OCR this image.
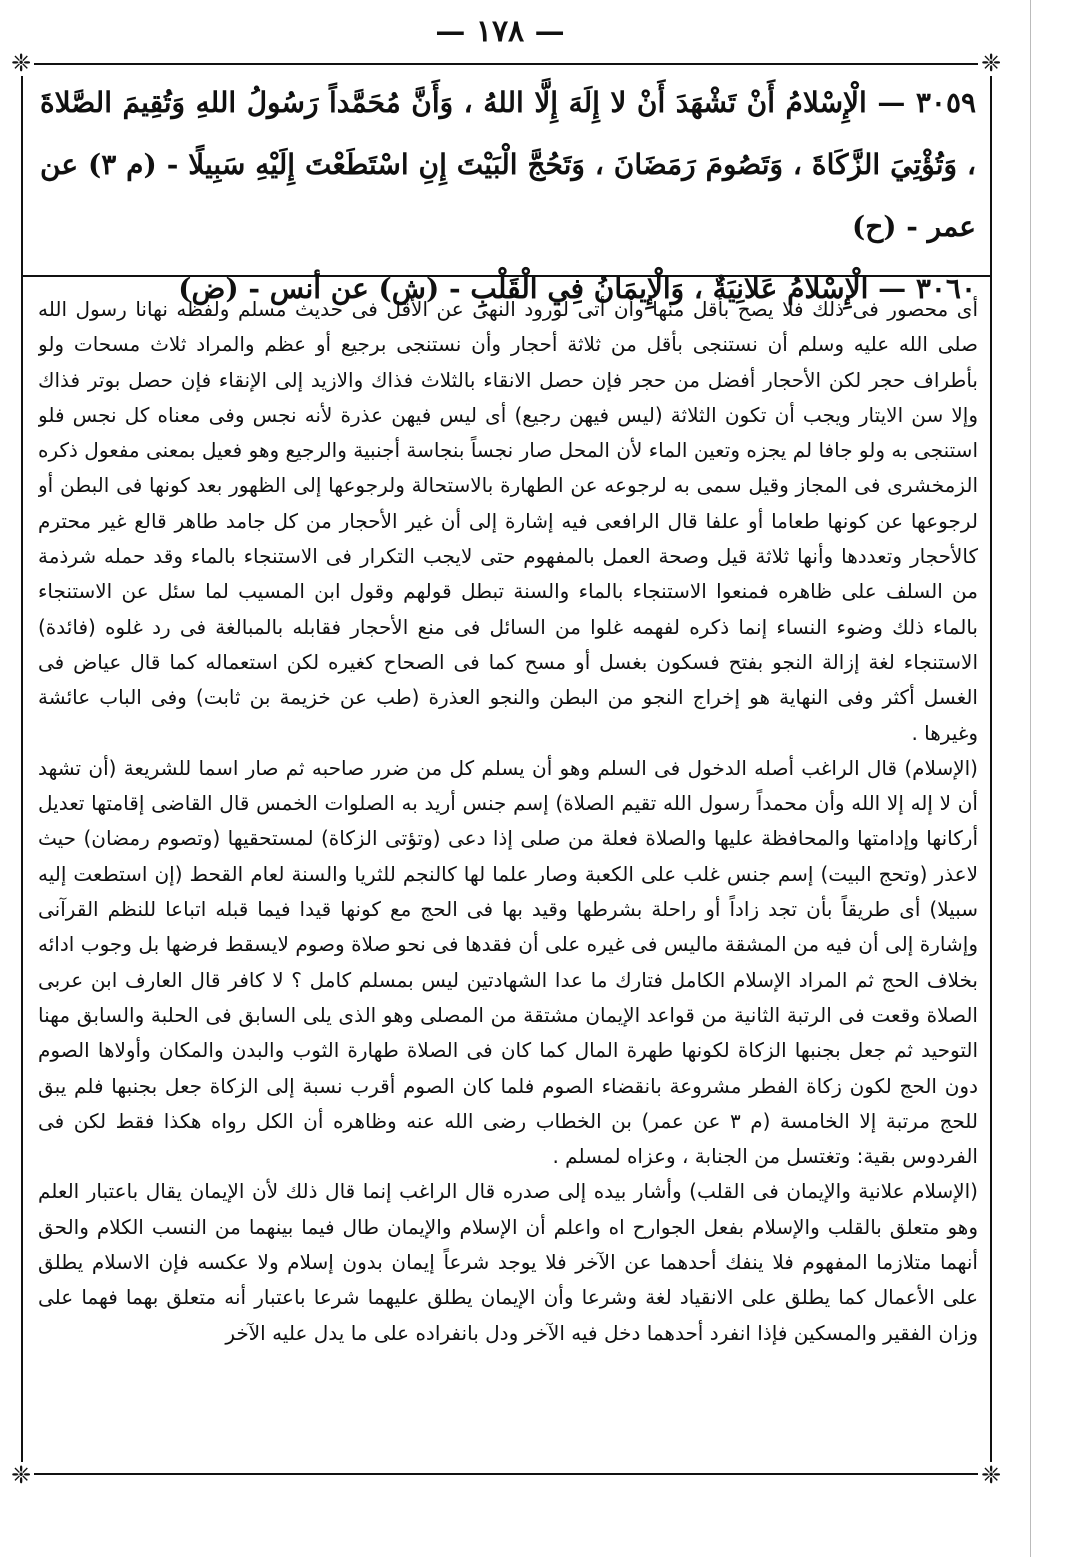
— ١٧٨ —
❈	❈
❈	❈
٣٠٥٩ — الْإِسْلامُ أَنْ تَشْهَدَ أَنْ لا إِلَهَ إِلَّا اللهُ ، وَأَنَّ مُحَمَّداً رَسُولُ اللهِ وَتُقِيمَ الصَّلاةَ ، وَتُؤْتِيَ الزَّكَاةَ ، وَتَصُومَ رَمَضَانَ ، وَتَحُجَّ الْبَيْتَ إِنِ اسْتَطَعْتَ إِلَيْهِ سَبِيلًا - (م ٣) عن عمر - (ح)
٣٠٦٠ — الْإِسْلامُ عَلانِيَةٌ ، وَالْإِيمَانُ فِي الْقَلْبِ - (ش) عن أنس - (ض)

أى محصور فى ذلك فلا يصح بأقل منها وأن أتى لورود النهى عن الأقل فى حديث مسلم ولفظه نهانا رسول الله صلى الله عليه وسلم أن نستنجى بأقل من ثلاثة أحجار وأن نستنجى برجيع أو عظم والمراد ثلاث مسحات ولو بأطراف حجر لكن الأحجار أفضل من حجر فإن حصل الانقاء بالثلاث فذاك والازيد إلى الإنقاء فإن حصل بوتر فذاك وإلا سن الايتار ويجب أن تكون الثلاثة (ليس فيهن رجيع) أى ليس فيهن عذرة لأنه نجس وفى معناه كل نجس فلو استنجى به ولو جافا لم يجزه وتعين الماء لأن المحل صار نجساً بنجاسة أجنبية والرجيع وهو فعيل بمعنى مفعول ذكره الزمخشرى فى المجاز وقيل سمى به لرجوعه عن الطهارة بالاستحالة ولرجوعها إلى الظهور بعد كونها فى البطن أو لرجوعها عن كونها طعاما أو علفا قال الرافعى فيه إشارة إلى أن غير الأحجار من كل جامد طاهر قالع غير محترم كالأحجار وتعددها وأنها ثلاثة قيل وصحة العمل بالمفهوم حتى لايجب التكرار فى الاستنجاء بالماء وقد حمله شرذمة من السلف على ظاهره فمنعوا الاستنجاء بالماء والسنة تبطل قولهم وقول ابن المسيب لما سئل عن الاستنجاء بالماء ذلك وضوء النساء إنما ذكره لفهمه غلوا من السائل فى منع الأحجار فقابله بالمبالغة فى رد غلوه (فائدة) الاستنجاء لغة إزالة النجو بفتح فسكون بغسل أو مسح كما فى الصحاح كغيره لكن استعماله كما قال عياض فى الغسل أكثر وفى النهاية هو إخراج النجو من البطن والنجو العذرة (طب عن خزيمة بن ثابت) وفى الباب عائشة وغيرها .

(الإسلام) قال الراغب أصله الدخول فى السلم وهو أن يسلم كل من ضرر صاحبه ثم صار اسما للشريعة (أن تشهد أن لا إله إلا الله وأن محمداً رسول الله تقيم الصلاة) إسم جنس أريد به الصلوات الخمس قال القاضى إقامتها تعديل أركانها وإدامتها والمحافظة عليها والصلاة فعلة من صلى إذا دعى (وتؤتى الزكاة) لمستحقيها (وتصوم رمضان) حيث لاعذر (وتحج البيت) إسم جنس غلب على الكعبة وصار علما لها كالنجم للثريا والسنة لعام القحط (إن استطعت إليه سبيلا) أى طريقاً بأن تجد زاداً أو راحلة بشرطها وقيد بها فى الحج مع كونها قيدا فيما قبله اتباعا للنظم القرآنى وإشارة إلى أن فيه من المشقة ماليس فى غيره على أن فقدها فى نحو صلاة وصوم لايسقط فرضها بل وجوب ادائه بخلاف الحج ثم المراد الإسلام الكامل فتارك ما عدا الشهادتين ليس بمسلم كامل ؟ لا كافر قال العارف ابن عربى الصلاة وقعت فى الرتبة الثانية من قواعد الإيمان مشتقة من المصلى وهو الذى يلى السابق فى الحلبة والسابق مهنا التوحيد ثم جعل بجنبها الزكاة لكونها طهرة المال كما كان فى الصلاة طهارة الثوب والبدن والمكان وأولاها الصوم دون الحج لكون زكاة الفطر مشروعة بانقضاء الصوم فلما كان الصوم أقرب نسبة إلى الزكاة جعل بجنبها فلم يبق للحج مرتبة إلا الخامسة (م ٣ عن عمر) بن الخطاب رضى الله عنه وظاهره أن الكل رواه هكذا فقط لكن فى الفردوس بقية: وتغتسل من الجنابة ، وعزاه لمسلم .

(الإسلام علانية والإيمان فى القلب) وأشار بيده إلى صدره قال الراغب إنما قال ذلك لأن الإيمان يقال باعتبار العلم وهو متعلق بالقلب والإسلام بفعل الجوارح اه واعلم أن الإسلام والإيمان طال فيما بينهما من النسب الكلام والحق أنهما متلازما المفهوم فلا ينفك أحدهما عن الآخر فلا يوجد شرعاً إيمان بدون إسلام ولا عكسه فإن الاسلام يطلق على الأعمال كما يطلق على الانقياد لغة وشرعا وأن الإيمان يطلق عليهما شرعا باعتبار أنه متعلق بهما فهما على وزان الفقير والمسكين فإذا انفرد أحدهما دخل فيه الآخر ودل بانفراده على ما يدل عليه الآخر
